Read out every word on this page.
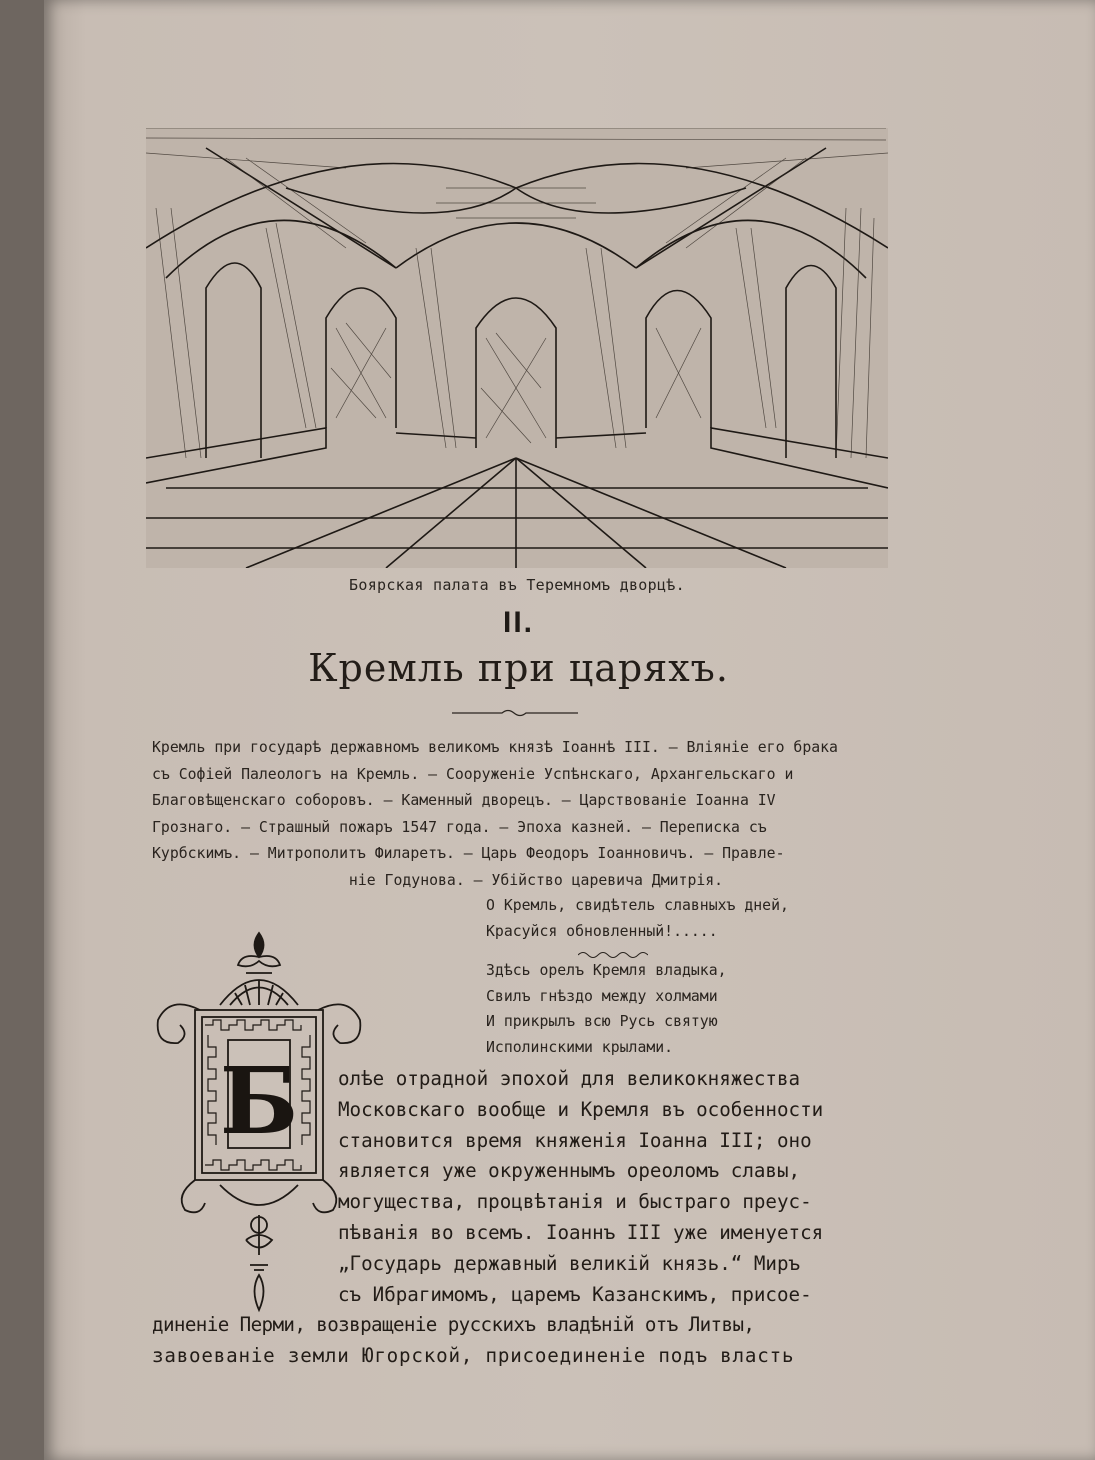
Боярская палата въ Теремномъ дворцѣ.
II.
Кремль при царяхъ.
Кремль при государѣ державномъ великомъ князѣ Іоаннѣ III. — Вліяніе его брака
съ Софіей Палеологъ на Кремль. — Сооруженіе Успѣнскаго, Архангельскаго и
Благовѣщенскаго соборовъ. — Каменный дворецъ. — Царствованіе Іоанна IV
Грознаго. — Страшный пожаръ 1547 года. — Эпоха казней. — Переписка съ
Курбскимъ. — Митрополитъ Филаретъ. — Царь Феодоръ Іоанновичъ. — Правле-
ніе Годунова. — Убійство царевича Дмитрія.
О Кремль, свидѣтель славныхъ дней,
Красуйся обновленный!.....
Здѣсь орелъ Кремля владыка,
Свилъ гнѣздо между холмами
И прикрылъ всю Русь святую
Исполинскими крылами.
Б	олѣе отрадной эпохой для великокняжества
Московскаго вообще и Кремля въ особенности
становится время княженія Іоанна III; оно
является уже окруженнымъ ореоломъ славы,
могущества, процвѣтанія и быстраго преус-
пѣванія во всемъ. Іоаннъ III уже именуется
„Государь державный великій князь.“ Миръ
съ Ибрагимомъ, царемъ Казанскимъ, присое-
диненіе Перми, возвращеніе русскихъ владѣній отъ Литвы,
завоеваніе земли Югорской, присоединеніе подъ власть
